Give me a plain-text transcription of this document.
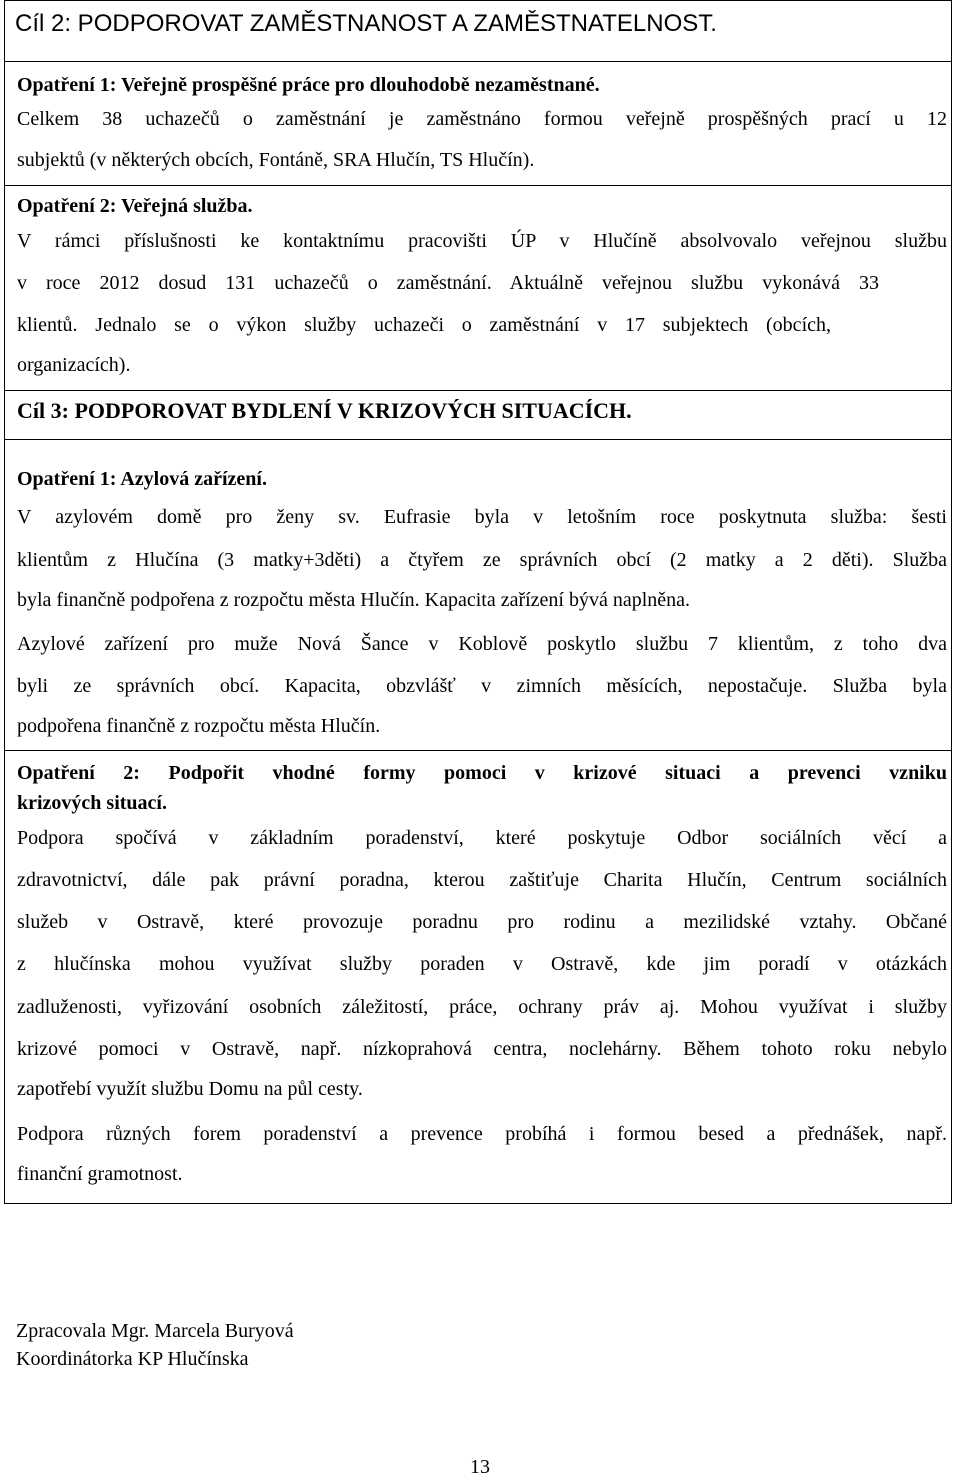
Cíl 2: PODPOROVAT ZAMĚSTNANOST A ZAMĚSTNATELNOST.
Opatření 1: Veřejně prospěšné práce pro dlouhodobě nezaměstnané.
Celkem 38 uchazečů o zaměstnání je zaměstnáno formou veřejně prospěšných prací u 12
subjektů (v některých obcích, Fontáně, SRA Hlučín, TS Hlučín).
Opatření 2: Veřejná služba.
V rámci příslušnosti ke kontaktnímu pracovišti ÚP v Hlučíně absolvovalo veřejnou službu
v roce 2012 dosud 131 uchazečů o zaměstnání. Aktuálně veřejnou službu vykonává 33
klientů. Jednalo se o výkon služby uchazeči o zaměstnání v 17 subjektech (obcích,
organizacích).
Cíl 3: PODPOROVAT BYDLENÍ V KRIZOVÝCH SITUACÍCH.
Opatření 1: Azylová zařízení.
V azylovém domě pro ženy sv. Eufrasie byla v letošním roce poskytnuta služba: šesti
klientům z Hlučína (3 matky+3děti) a čtyřem ze správních obcí (2 matky a 2 děti). Služba
byla finančně podpořena z rozpočtu města Hlučín. Kapacita zařízení bývá naplněna.
Azylové zařízení pro muže Nová Šance v Koblově poskytlo službu 7 klientům, z toho dva
byli ze správních obcí. Kapacita, obzvlášť v zimních měsících, nepostačuje. Služba byla
podpořena finančně z rozpočtu města Hlučín.
Opatření 2: Podpořit vhodné formy pomoci v krizové situaci a prevenci vzniku
krizových situací.
Podpora spočívá v základním poradenství, které poskytuje Odbor sociálních věcí a
zdravotnictví, dále pak právní poradna, kterou zaštiťuje Charita Hlučín, Centrum sociálních
služeb v Ostravě, které provozuje poradnu pro rodinu a mezilidské vztahy. Občané
z hlučínska mohou využívat služby poraden v Ostravě, kde jim poradí v otázkách
zadluženosti, vyřizování osobních záležitostí, práce, ochrany práv aj. Mohou využívat i služby
krizové pomoci v Ostravě, např. nízkoprahová centra, noclehárny. Během tohoto roku nebylo
zapotřebí využít službu Domu na půl cesty.
Podpora různých forem poradenství a prevence probíhá i formou besed a přednášek, např.
finanční gramotnost.
Zpracovala Mgr. Marcela Buryová
Koordinátorka KP Hlučínska
13
